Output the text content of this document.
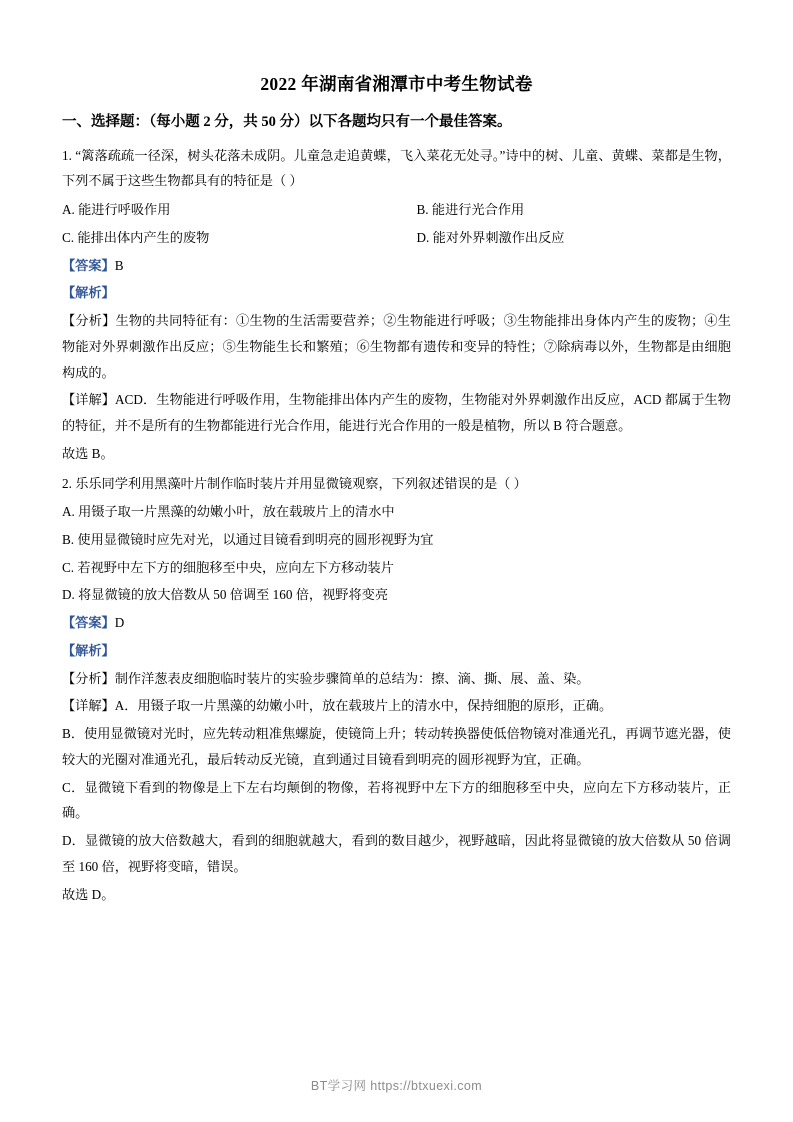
2022 年湖南省湘潭市中考生物试卷
一、选择题：（每小题 2 分，共 50 分）以下各题均只有一个最佳答案。

1. “篱落疏疏一径深，树头花落未成阴。儿童急走追黄蝶，飞入菜花无处寻。”诗中的树、儿童、黄蝶、菜都是生物，下列不属于这些生物都具有的特征是（ ）

A. 能进行呼吸作用	B. 能进行光合作用
C. 能排出体内产生的废物	D. 能对外界刺激作出反应

【答案】B

【解析】

【分析】生物的共同特征有：①生物的生活需要营养；②生物能进行呼吸；③生物能排出身体内产生的废物；④生物能对外界刺激作出反应；⑤生物能生长和繁殖；⑥生物都有遗传和变异的特性；⑦除病毒以外，生物都是由细胞构成的。

【详解】ACD．生物能进行呼吸作用，生物能排出体内产生的废物，生物能对外界刺激作出反应，ACD 都属于生物的特征，并不是所有的生物都能进行光合作用，能进行光合作用的一般是植物，所以 B 符合题意。

故选 B。

2. 乐乐同学利用黑藻叶片制作临时装片并用显微镜观察，下列叙述错误的是（ ）

A. 用镊子取一片黑藻的幼嫩小叶，放在载玻片上的清水中
B. 使用显微镜时应先对光，以通过目镜看到明亮的圆形视野为宜
C. 若视野中左下方的细胞移至中央，应向左下方移动装片
D. 将显微镜的放大倍数从 50 倍调至 160 倍，视野将变亮

【答案】D

【解析】

【分析】制作洋葱表皮细胞临时装片的实验步骤简单的总结为：擦、滴、撕、展、盖、染。

【详解】A．用镊子取一片黑藻的幼嫩小叶，放在载玻片上的清水中，保持细胞的原形，正确。

B．使用显微镜对光时，应先转动粗准焦螺旋，使镜筒上升；转动转换器使低倍物镜对准通光孔，再调节遮光器，使较大的光圈对准通光孔，最后转动反光镜，直到通过目镜看到明亮的圆形视野为宜，正确。

C．显微镜下看到的物像是上下左右均颠倒的物像，若将视野中左下方的细胞移至中央，应向左下方移动装片，正确。

D．显微镜的放大倍数越大，看到的细胞就越大，看到的数目越少，视野越暗，因此将显微镜的放大倍数从 50 倍调至 160 倍，视野将变暗，错误。

故选 D。

BT学习网 https://btxuexi.com
